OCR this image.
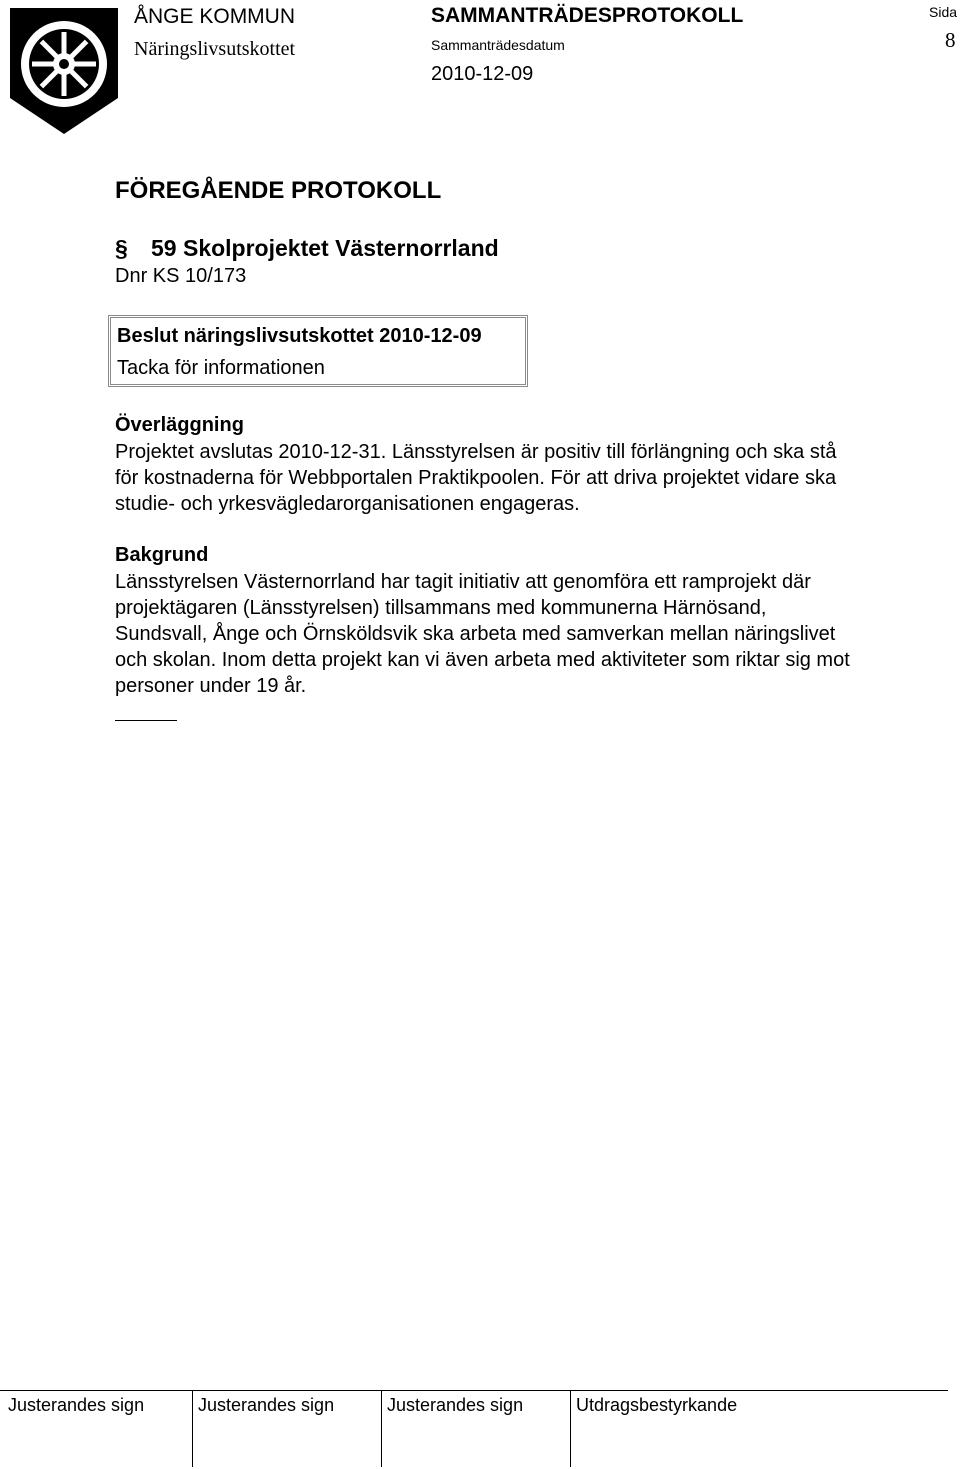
ÅNGE KOMMUN
Näringslivsutskottet
SAMMANTRÄDESPROTOKOLL
Sammanträdesdatum
2010-12-09
Sida
8
FÖREGÅENDE PROTOKOLL
§ 59 Skolprojektet Västernorrland
Dnr KS 10/173
Beslut näringslivsutskottet 2010-12-09
Tacka för informationen
Överläggning
Projektet avslutas 2010-12-31. Länsstyrelsen är positiv till förlängning och ska stå
för kostnaderna för Webbportalen Praktikpoolen. För att driva projektet vidare ska
studie- och yrkesvägledarorganisationen engageras.
Bakgrund
Länsstyrelsen Västernorrland har tagit initiativ att genomföra ett ramprojekt där
projektägaren (Länsstyrelsen) tillsammans med kommunerna Härnösand,
Sundsvall, Ånge och Örnsköldsvik ska arbeta med samverkan mellan näringslivet
och skolan. Inom detta projekt kan vi även arbeta med aktiviteter som riktar sig mot
personer under 19 år.
Justerandes sign	Justerandes sign	Justerandes sign	Utdragsbestyrkande
